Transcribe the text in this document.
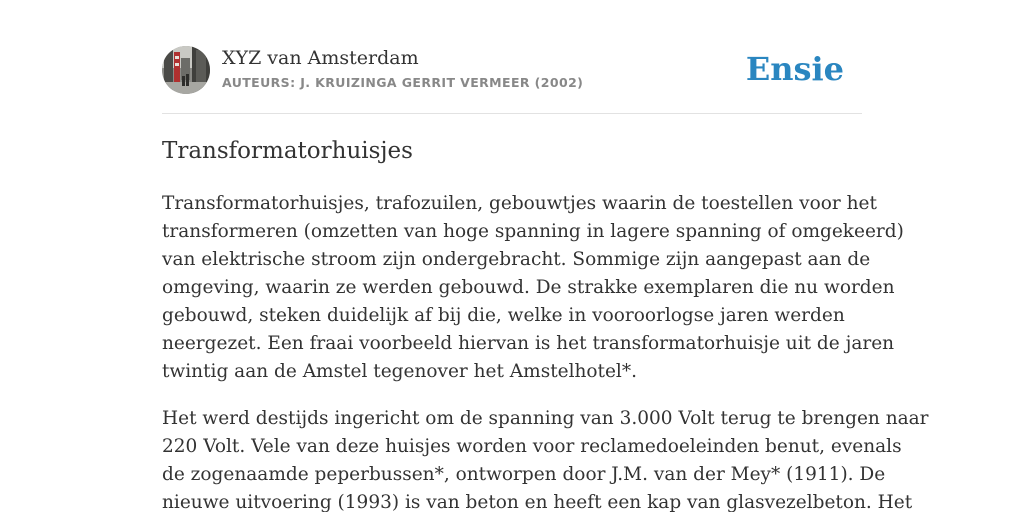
XYZ van Amsterdam
AUTEURS: J. KRUIZINGA GERRIT VERMEER (2002)	Ensie
Transformatorhuisjes

Transformatorhuisjes, trafozuilen, gebouwtjes waarin de toestellen voor het
transformeren (omzetten van hoge spanning in lagere spanning of omgekeerd)
van elektrische stroom zijn ondergebracht. Sommige zijn aangepast aan de
omgeving, waarin ze werden gebouwd. De strakke exemplaren die nu worden
gebouwd, steken duidelijk af bij die, welke in vooroorlogse jaren werden
neergezet. Een fraai voorbeeld hiervan is het transformatorhuisje uit de jaren
twintig aan de Amstel tegenover het Amstelhotel*.

Het werd destijds ingericht om de spanning van 3.000 Volt terug te brengen naar
220 Volt. Vele van deze huisjes worden voor reclamedoeleinden benut, evenals
de zogenaamde peperbussen*, ontworpen door J.M. van der Mey* (1911). De
nieuwe uitvoering (1993) is van beton en heeft een kap van glasvezelbeton. Het
